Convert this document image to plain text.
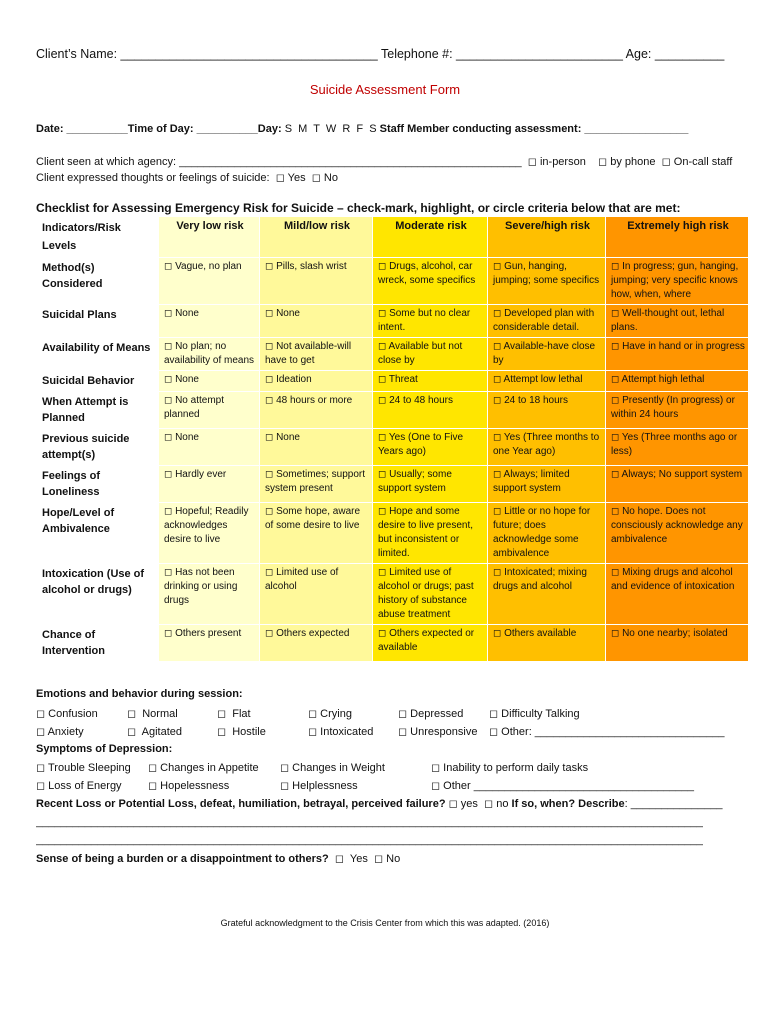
Client’s Name: _____________________________________ Telephone #: ________________________ Age: __________
Suicide Assessment Form
Date: __________Time of Day: __________Day: S  M  T  W  R  F  S Staff Member conducting assessment: _________________
Client seen at which agency: ________________________________________________________  ◻ in-person    ◻ by phone  ◻ On-call staff
Client expressed thoughts or feelings of suicide:  ◻ Yes  ◻ No
Checklist for Assessing Emergency Risk for Suicide – check-mark, highlight, or circle criteria below that are met:
Indicators/Risk Levels	Very low risk	Mild/low risk	Moderate risk	Severe/high risk	Extremely high risk
Method(s) Considered	◻ Vague, no plan	◻ Pills, slash wrist	◻ Drugs, alcohol, car wreck, some specifics	◻ Gun, hanging, jumping; some specifics	◻ In progress; gun, hanging, jumping; very specific knows how, when, where
Suicidal Plans	◻ None	◻ None	◻ Some but no clear intent.	◻ Developed plan with considerable detail.	◻ Well-thought out, lethal plans.
Availability of Means	◻ No plan; no availability of means	◻ Not available-will have to get	◻ Available but not close by	◻ Available-have close by	◻ Have in hand or in progress
Suicidal Behavior	◻ None	◻ Ideation	◻ Threat	◻ Attempt low lethal	◻ Attempt high lethal
When Attempt is Planned	◻ No attempt planned	◻ 48 hours or more	◻ 24 to 48 hours	◻ 24 to 18 hours	◻ Presently (In progress) or within 24 hours
Previous suicide attempt(s)	◻ None	◻ None	◻ Yes (One to Five Years ago)	◻ Yes (Three months to one Year ago)	◻ Yes (Three months ago or less)
Feelings of Loneliness	◻ Hardly ever	◻ Sometimes; support system present	◻ Usually; some support system	◻ Always; limited support system	◻ Always; No support system
Hope/Level of Ambivalence	◻ Hopeful; Readily acknowledges desire to live	◻ Some hope, aware of some desire to live	◻ Hope and some desire to live present, but inconsistent or limited.	◻ Little or no hope for future; does acknowledge some ambivalence	◻ No hope. Does not consciously acknowledge any ambivalence
Intoxication (Use of alcohol or drugs)	◻ Has not been drinking or using drugs	◻ Limited use of alcohol	◻ Limited use of alcohol or drugs; past history of substance abuse treatment	◻ Intoxicated; mixing drugs and alcohol	◻ Mixing drugs and alcohol and evidence of intoxication
Chance of Intervention	◻ Others present	◻ Others expected	◻ Others expected or available	◻ Others available	◻ No one nearby; isolated
Emotions and behavior during session:
◻ Confusion	◻  Normal	◻  Flat	◻ Crying	◻ Depressed ◻ Difficulty Talking
◻ Anxiety	◻  Agitated	◻  Hostile	◻ Intoxicated ◻ Unresponsive ◻ Other: _______________________________
Symptoms of Depression:
◻ Trouble Sleeping ◻ Changes in Appetite ◻ Changes in Weight	◻ Inability to perform daily tasks
◻ Loss of Energy ◻ Hopelessness	◻ Helplessness	◻ Other ____________________________________
Recent Loss or Potential Loss, defeat, humiliation, betrayal, perceived failure? ◻ yes  ◻ no If so, when? Describe: _______________
_____________________________________________________________________________________________________________
_____________________________________________________________________________________________________________
Sense of being a burden or a disappointment to others?  ◻  Yes  ◻ No
Grateful acknowledgment to the Crisis Center from which this was adapted. (2016)
